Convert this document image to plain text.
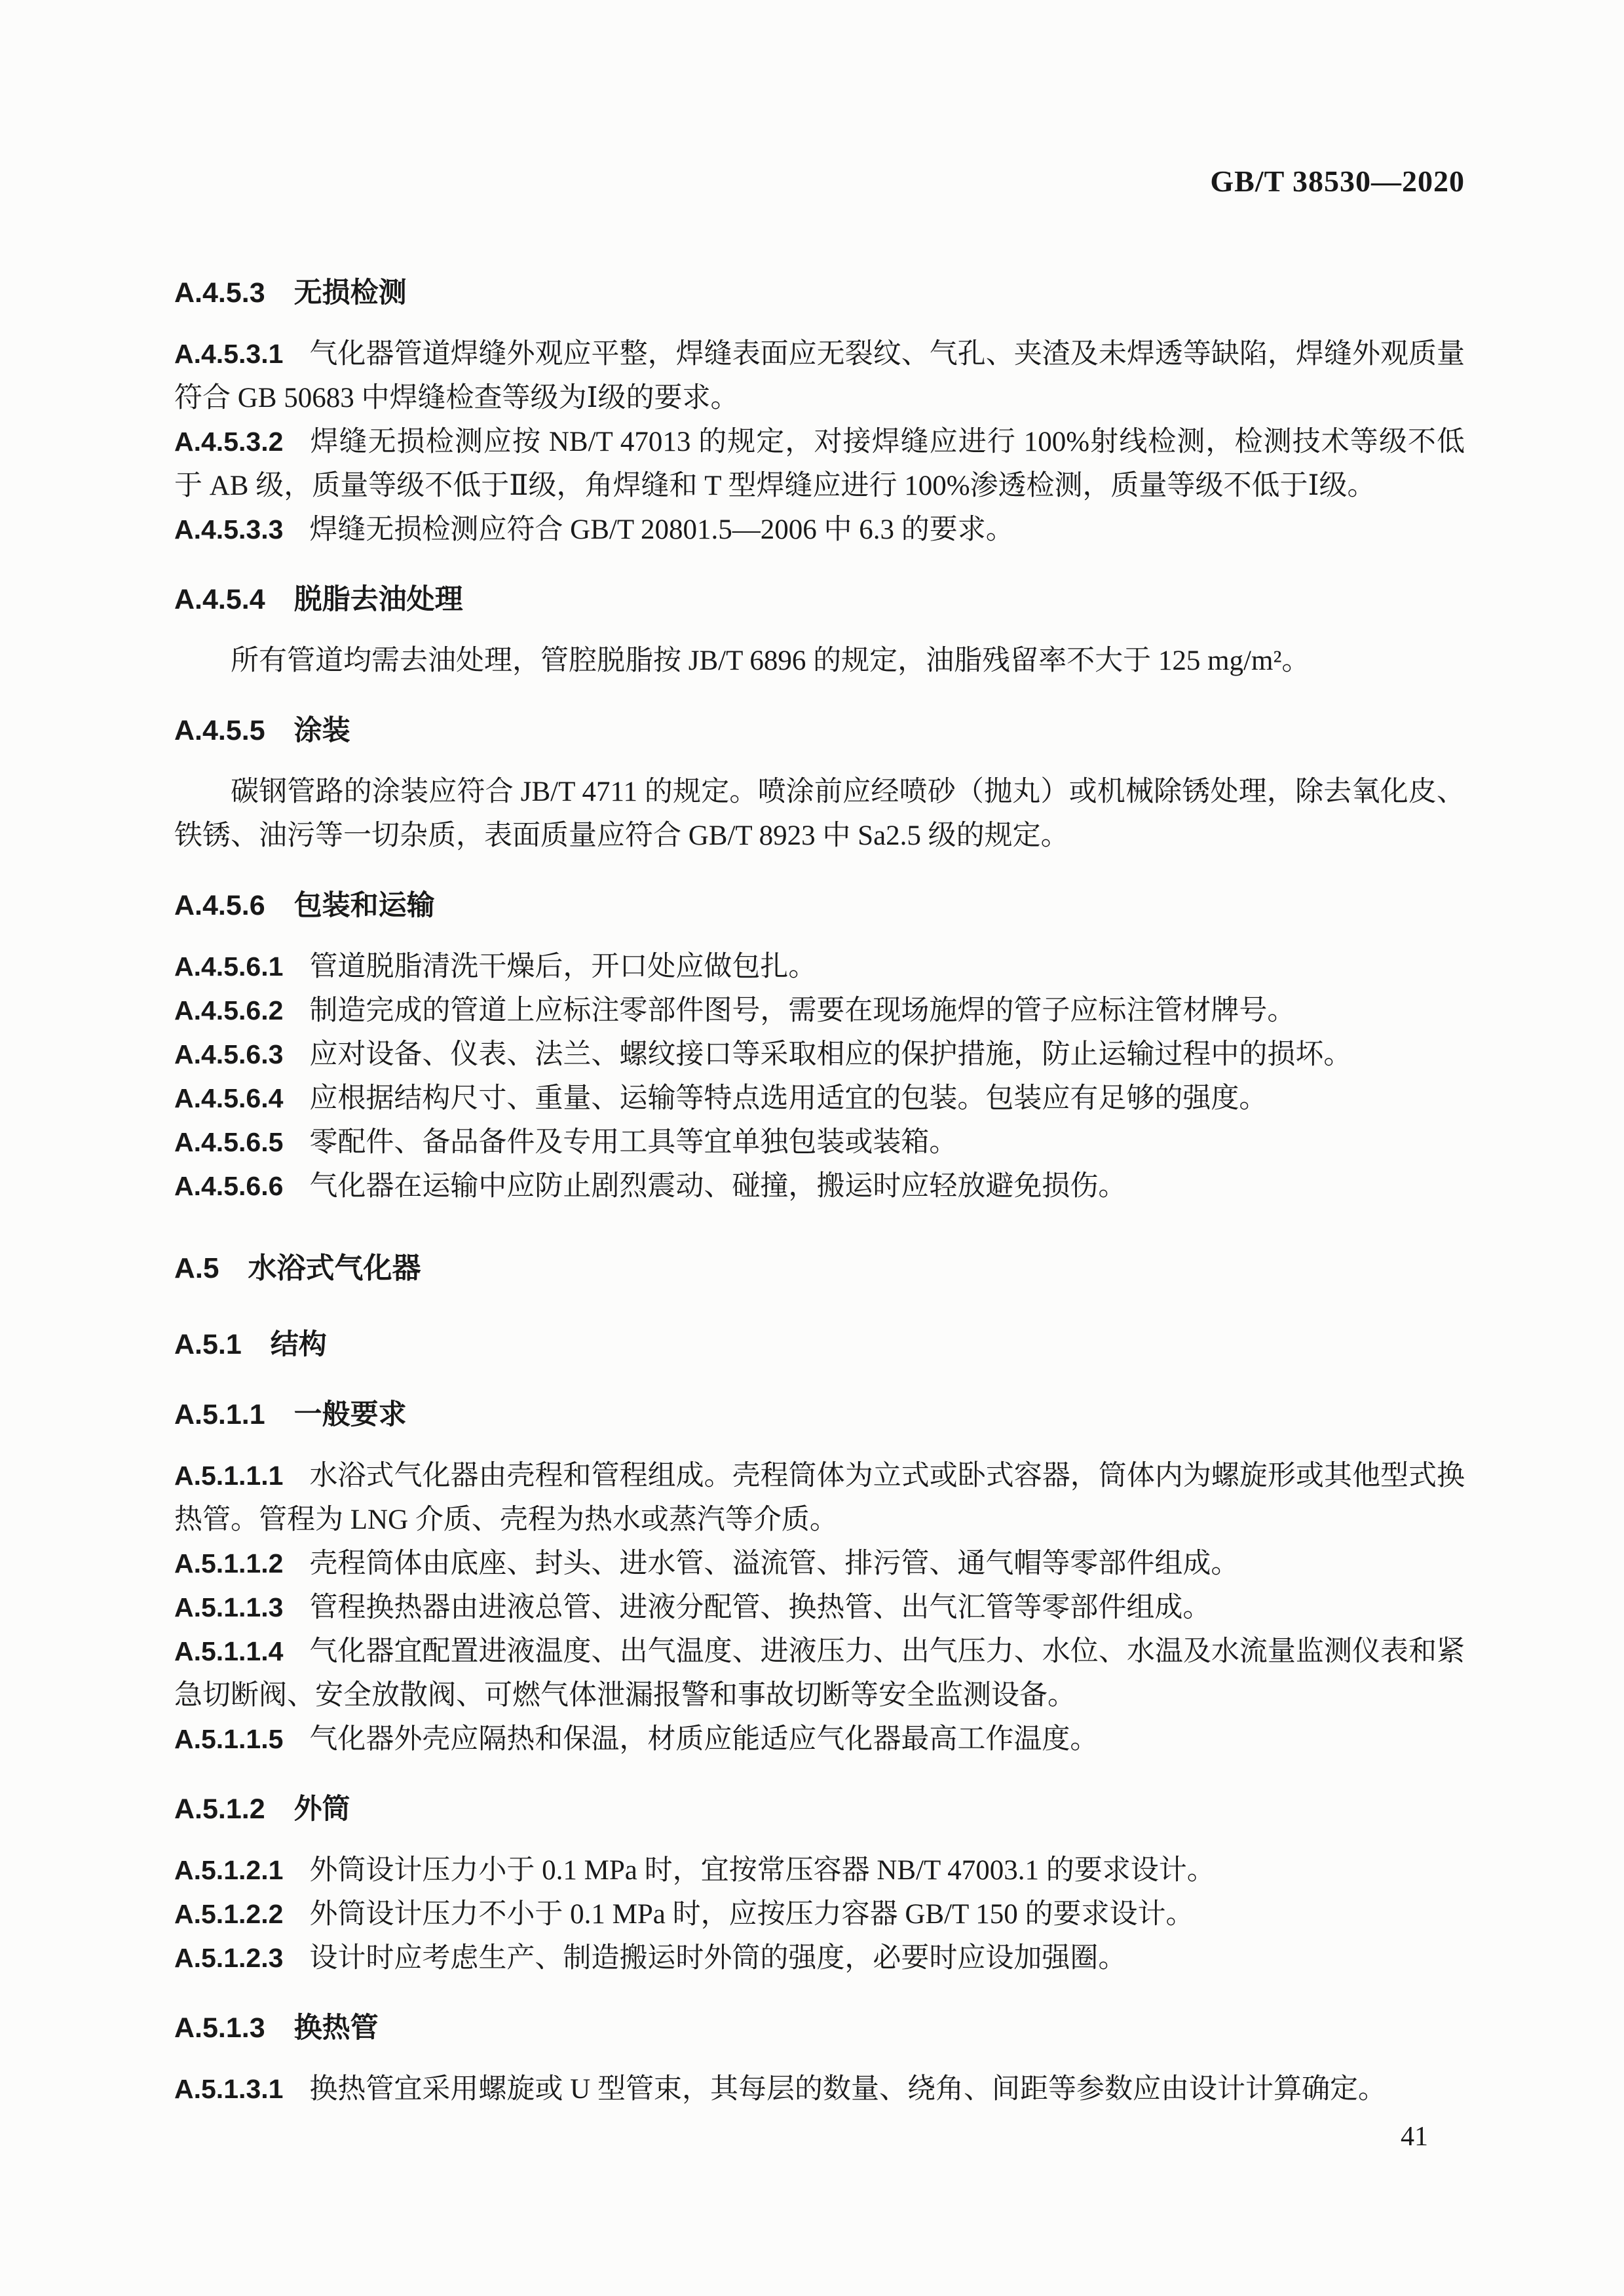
GB/T 38530—2020
A.4.5.3 无损检测

A.4.5.3.1 气化器管道焊缝外观应平整，焊缝表面应无裂纹、气孔、夹渣及未焊透等缺陷，焊缝外观质量符合 GB 50683 中焊缝检查等级为Ⅰ级的要求。

A.4.5.3.2 焊缝无损检测应按 NB/T 47013 的规定，对接焊缝应进行 100%射线检测，检测技术等级不低于 AB 级，质量等级不低于Ⅱ级，角焊缝和 T 型焊缝应进行 100%渗透检测，质量等级不低于Ⅰ级。

A.4.5.3.3 焊缝无损检测应符合 GB/T 20801.5—2006 中 6.3 的要求。

A.4.5.4 脱脂去油处理

所有管道均需去油处理，管腔脱脂按 JB/T 6896 的规定，油脂残留率不大于 125 mg/m²。

A.4.5.5 涂装

碳钢管路的涂装应符合 JB/T 4711 的规定。喷涂前应经喷砂（抛丸）或机械除锈处理，除去氧化皮、铁锈、油污等一切杂质，表面质量应符合 GB/T 8923 中 Sa2.5 级的规定。

A.4.5.6 包装和运输

A.4.5.6.1 管道脱脂清洗干燥后，开口处应做包扎。

A.4.5.6.2 制造完成的管道上应标注零部件图号，需要在现场施焊的管子应标注管材牌号。

A.4.5.6.3 应对设备、仪表、法兰、螺纹接口等采取相应的保护措施，防止运输过程中的损坏。

A.4.5.6.4 应根据结构尺寸、重量、运输等特点选用适宜的包装。包装应有足够的强度。

A.4.5.6.5 零配件、备品备件及专用工具等宜单独包装或装箱。

A.4.5.6.6 气化器在运输中应防止剧烈震动、碰撞，搬运时应轻放避免损伤。

A.5 水浴式气化器
A.5.1 结构
A.5.1.1 一般要求

A.5.1.1.1 水浴式气化器由壳程和管程组成。壳程筒体为立式或卧式容器，筒体内为螺旋形或其他型式换热管。管程为 LNG 介质、壳程为热水或蒸汽等介质。

A.5.1.1.2 壳程筒体由底座、封头、进水管、溢流管、排污管、通气帽等零部件组成。

A.5.1.1.3 管程换热器由进液总管、进液分配管、换热管、出气汇管等零部件组成。

A.5.1.1.4 气化器宜配置进液温度、出气温度、进液压力、出气压力、水位、水温及水流量监测仪表和紧急切断阀、安全放散阀、可燃气体泄漏报警和事故切断等安全监测设备。

A.5.1.1.5 气化器外壳应隔热和保温，材质应能适应气化器最高工作温度。

A.5.1.2 外筒

A.5.1.2.1 外筒设计压力小于 0.1 MPa 时，宜按常压容器 NB/T 47003.1 的要求设计。

A.5.1.2.2 外筒设计压力不小于 0.1 MPa 时，应按压力容器 GB/T 150 的要求设计。

A.5.1.2.3 设计时应考虑生产、制造搬运时外筒的强度，必要时应设加强圈。

A.5.1.3 换热管

A.5.1.3.1 换热管宜采用螺旋或 U 型管束，其每层的数量、绕角、间距等参数应由设计计算确定。

41
